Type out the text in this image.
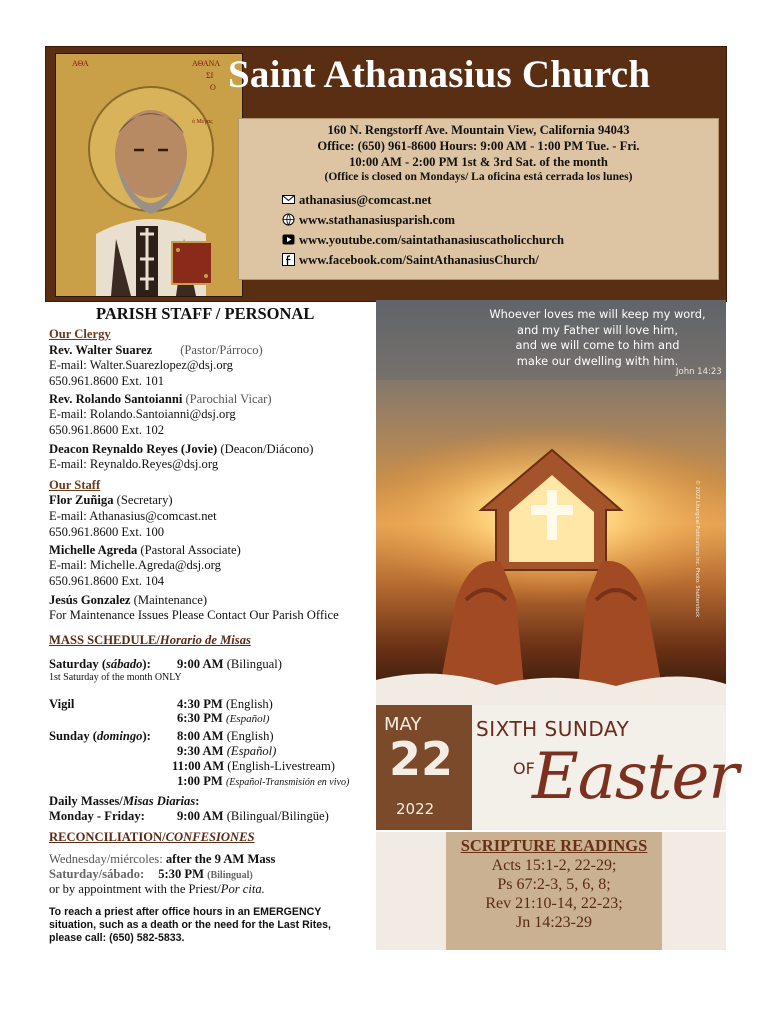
ΑΘΑ	ΑΘΑΝΑ
ΣΙ
Ο
ὁ Μέγας
Saint Athanasius Church
160 N. Rengstorff Ave. Mountain View, California 94043
Office: (650) 961-8600 Hours: 9:00 AM - 1:00 PM Tue. - Fri.
10:00 AM - 2:00 PM 1st & 3rd Sat. of the month
(Office is closed on Mondays/ La oficina está cerrada los lunes)
athanasius@comcast.net
www.stathanasiusparish.com
www.youtube.com/saintathanasiuscatholicchurch
www.facebook.com/SaintAthanasiusChurch/
PARISH STAFF / PERSONAL
Our Clergy
Rev. Walter Suarez (Pastor/Párroco)
E-mail: Walter.Suarezlopez@dsj.org
650.961.8600 Ext. 101
Rev. Rolando Santoianni (Parochial Vicar)
E-mail: Rolando.Santoianni@dsj.org
650.961.8600 Ext. 102
Deacon Reynaldo Reyes (Jovie) (Deacon/Diácono)
E-mail: Reynaldo.Reyes@dsj.org
Our Staff
Flor Zuñiga (Secretary)
E-mail: Athanasius@comcast.net
650.961.8600 Ext. 100
Michelle Agreda (Pastoral Associate)
E-mail: Michelle.Agreda@dsj.org
650.961.8600 Ext. 104
Jesús Gonzalez (Maintenance)
For Maintenance Issues Please Contact Our Parish Office
MASS SCHEDULE/Horario de Misas
Saturday (sábado): 9:00 AM (Bilingual)
1st Saturday of the month ONLY
Vigil	4:30 PM (English)
6:30 PM (Español)
Sunday (domingo): 8:00 AM (English)
9:30 AM (Español)
11:00 AM (English-Livestream)
1:00 PM (Español-Transmisión en vivo)
Daily Masses/Misas Diarias:
Monday - Friday:	9:00 AM (Bilingual/Bilingüe)
RECONCILIATION/CONFESIONES
Wednesday/miércoles: after the 9 AM Mass
Saturday/sábado: 5:30 PM (Bilingual)
or by appointment with the Priest/Por cita.
To reach a priest after office hours in an EMERGENCY
situation, such as a death or the need for the Last Rites,
please call: (650) 582-5833.
Whoever loves me will keep my word,
and my Father will love him,
and we will come to him and
make our dwelling with him.
John 14:23
© 2022 Liturgical Publications Inc. Photo: Shutterstock
MAY
22
2022
SIXTH SUNDAY
OF
Easter
SCRIPTURE READINGS
Acts 15:1-2, 22-29;
Ps 67:2-3, 5, 6, 8;
Rev 21:10-14, 22-23;
Jn 14:23-29
